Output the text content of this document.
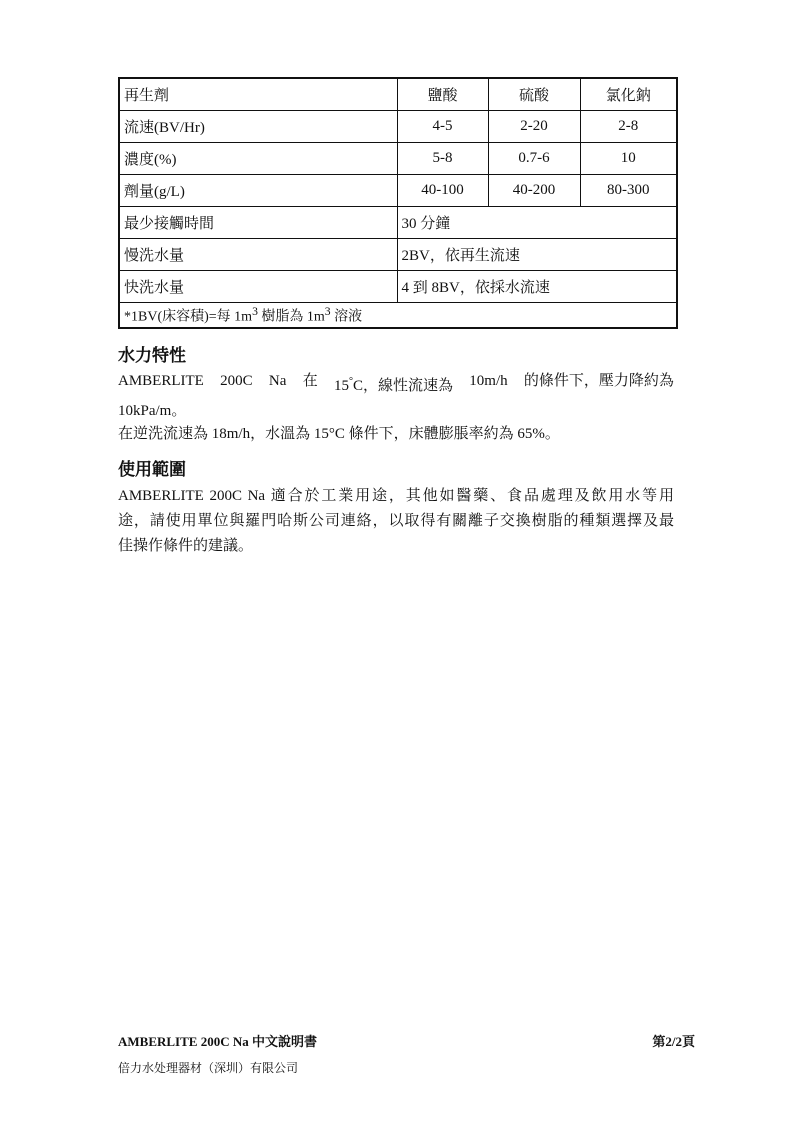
再生劑	鹽酸	硫酸	氯化鈉
流速(BV/Hr)	4-5	2-20	2-8
濃度(%)	5-8	0.7-6	10
劑量(g/L)	40-100	40-200	80-300
最少接觸時間	30 分鐘		
慢洗水量	2BV，依再生流速		
快洗水量	4 到 8BV，依採水流速		
*1BV(床容積)=每 $1m^3$ 樹脂為 $1m^3$ 溶液			
水力特性
AMBERLITE 200C Na 在 15°C，線性流速為 10m/h 的條件下，壓力降約為
10kPa/m。
在逆洗流速為 18m/h，水溫為 15°C 條件下，床體膨脹率約為 65%。
使用範圍
AMBERLITE 200C Na 適合於工業用途，其他如醫藥、食品處理及飲用水等用
途，請使用單位與羅門哈斯公司連絡，以取得有關離子交換樹脂的種類選擇及最
佳操作條件的建議。
AMBERLITE 200C Na 中文說明書	第2/2頁
倍力水处理器材（深圳）有限公司
